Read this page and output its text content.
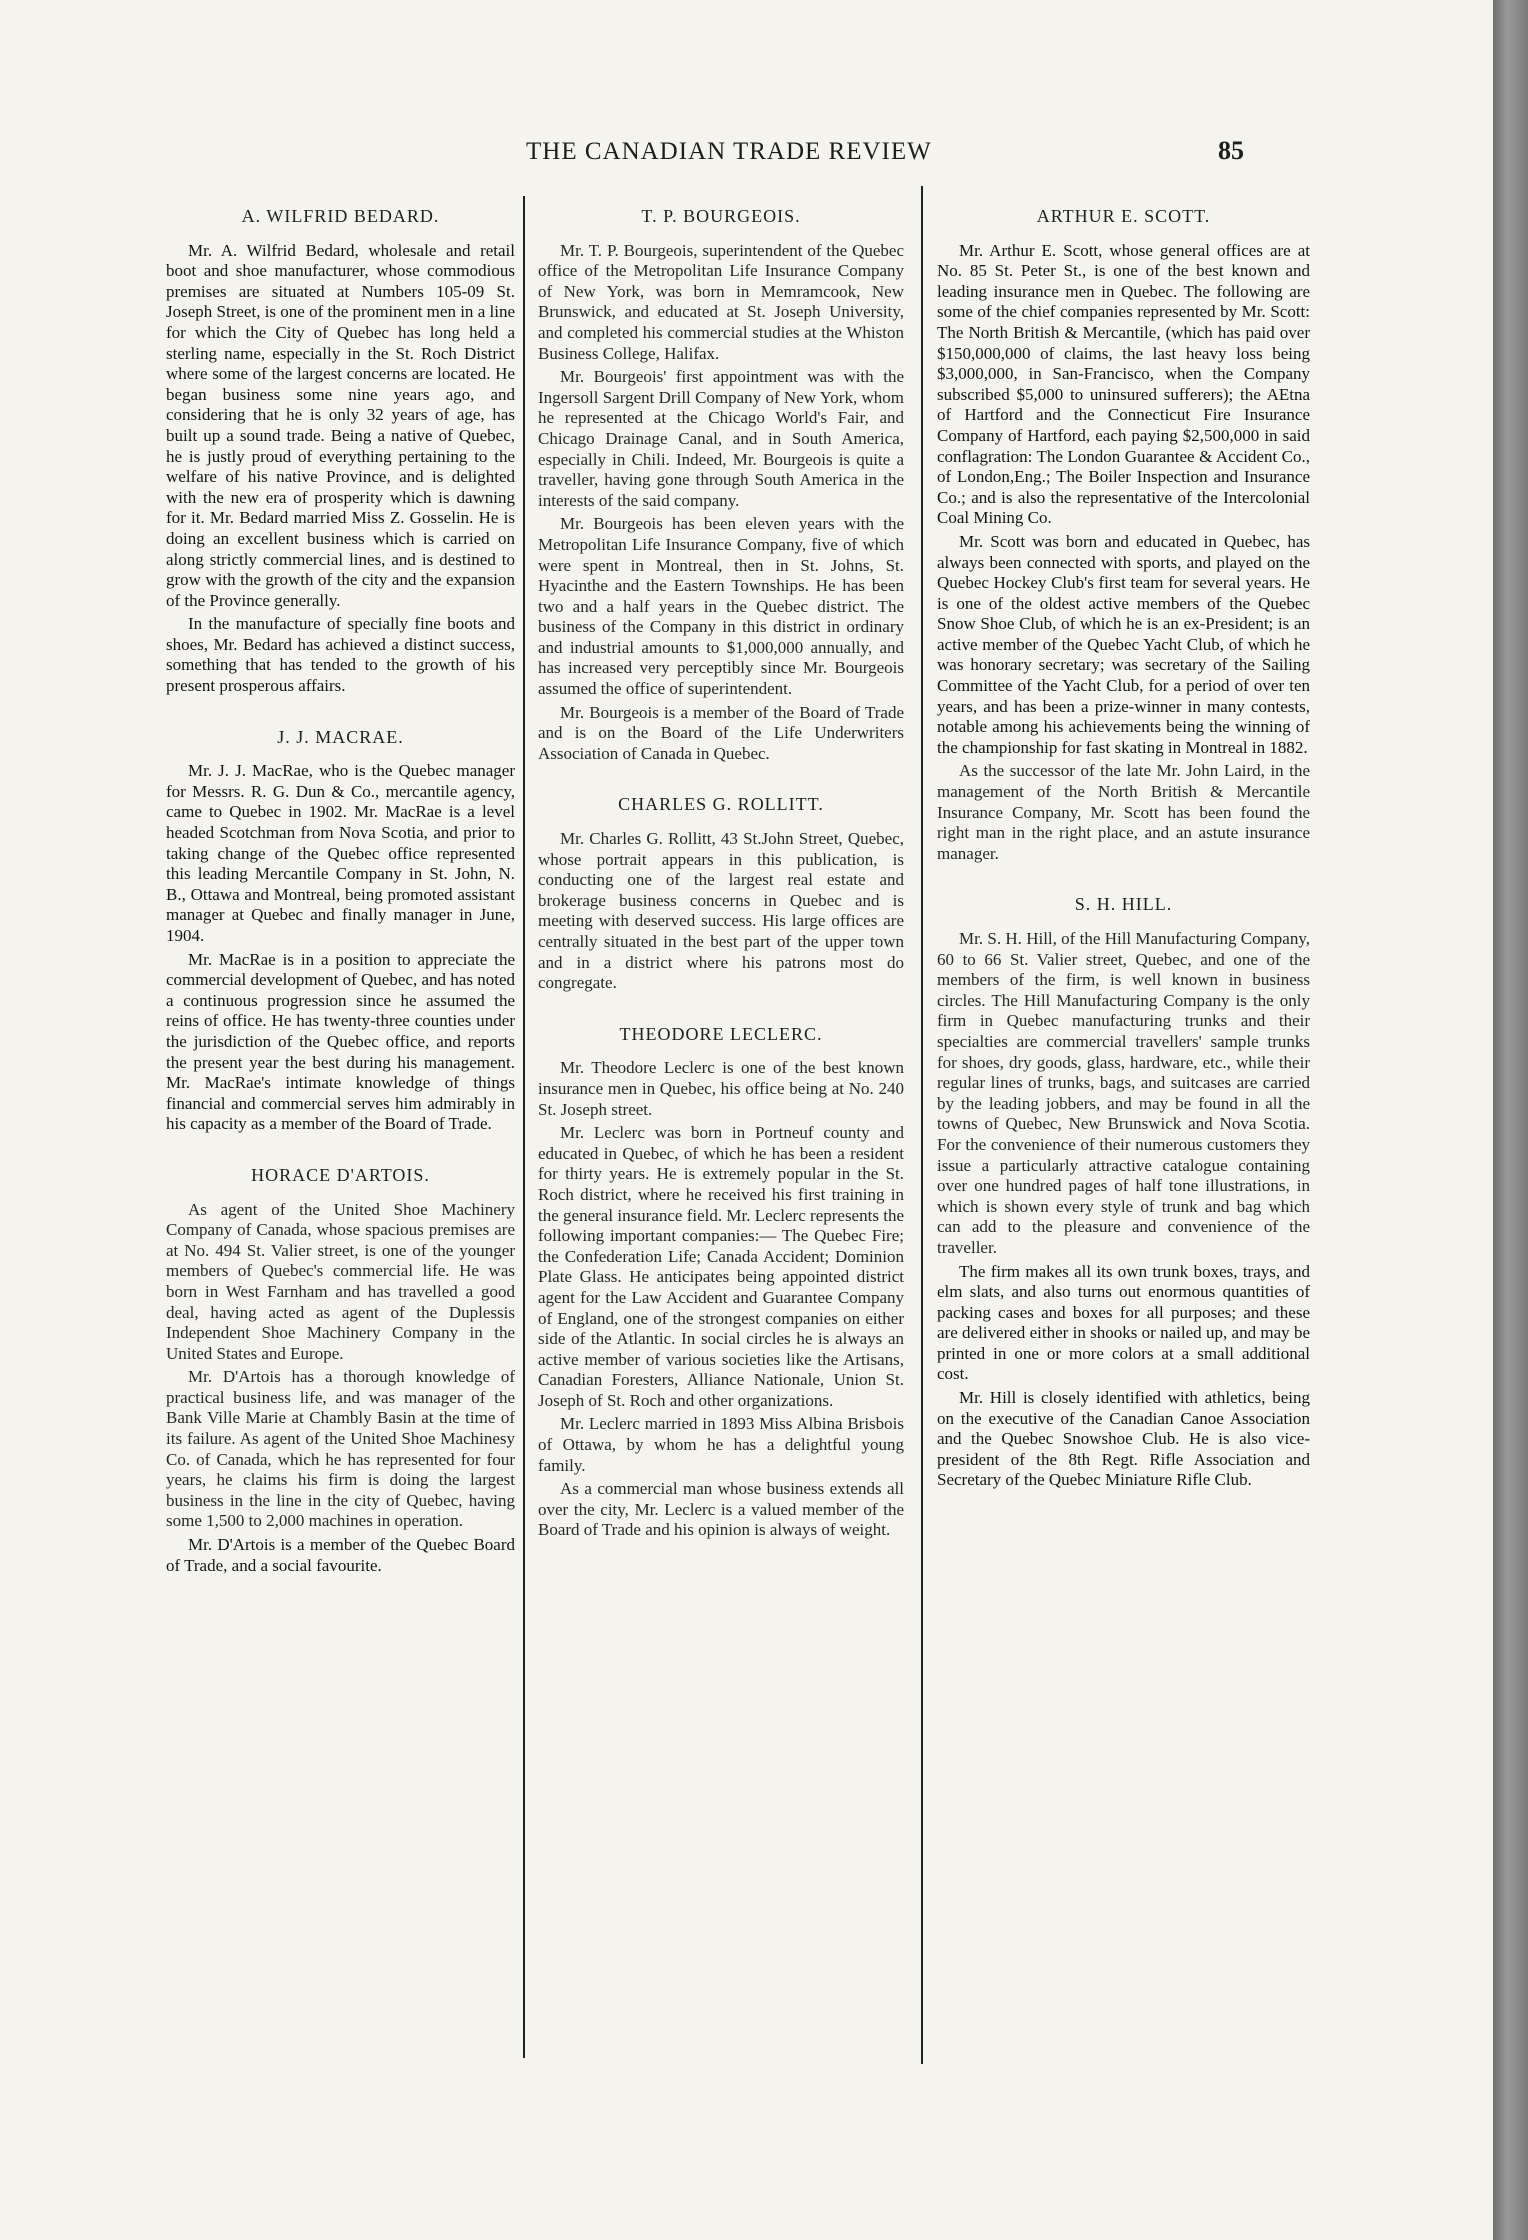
THE CANADIAN TRADE REVIEW	85
A. WILFRID BEDARD.

Mr. A. Wilfrid Bedard, wholesale and retail boot and shoe manufacturer, whose commodious premises are situated at Numbers 105-09 St. Joseph Street, is one of the prominent men in a line for which the City of Quebec has long held a sterling name, especially in the St. Roch District where some of the largest concerns are located. He began business some nine years ago, and considering that he is only 32 years of age, has built up a sound trade. Being a native of Quebec, he is justly proud of everything pertaining to the welfare of his native Province, and is delighted with the new era of prosperity which is dawning for it. Mr. Bedard married Miss Z. Gosselin. He is doing an excellent business which is carried on along strictly commercial lines, and is destined to grow with the growth of the city and the expansion of the Province generally.

In the manufacture of specially fine boots and shoes, Mr. Bedard has achieved a distinct success, something that has tended to the growth of his present prosperous affairs.

J. J. MACRAE.

Mr. J. J. MacRae, who is the Quebec manager for Messrs. R. G. Dun & Co., mercantile agency, came to Quebec in 1902. Mr. MacRae is a level headed Scotchman from Nova Scotia, and prior to taking change of the Quebec office represented this leading Mercantile Company in St. John, N. B., Ottawa and Montreal, being promoted assistant manager at Quebec and finally manager in June, 1904.

Mr. MacRae is in a position to appreciate the commercial development of Quebec, and has noted a continuous progression since he assumed the reins of office. He has twenty-three counties under the jurisdiction of the Quebec office, and reports the present year the best during his management. Mr. MacRae's intimate knowledge of things financial and commercial serves him admirably in his capacity as a member of the Board of Trade.

HORACE D'ARTOIS.

As agent of the United Shoe Machinery Company of Canada, whose spacious premises are at No. 494 St. Valier street, is one of the younger members of Quebec's commercial life. He was born in West Farnham and has travelled a good deal, having acted as agent of the Duplessis Independent Shoe Machinery Company in the United States and Europe.

Mr. D'Artois has a thorough knowledge of practical business life, and was manager of the Bank Ville Marie at Chambly Basin at the time of its failure. As agent of the United Shoe Machinesy Co. of Canada, which he has represented for four years, he claims his firm is doing the largest business in the line in the city of Quebec, having some 1,500 to 2,000 machines in operation.

Mr. D'Artois is a member of the Quebec Board of Trade, and a social favourite.

T. P. BOURGEOIS.

Mr. T. P. Bourgeois, superintendent of the Quebec office of the Metropolitan Life Insurance Company of New York, was born in Memramcook, New Brunswick, and educated at St. Joseph University, and completed his commercial studies at the Whiston Business College, Halifax.

Mr. Bourgeois' first appointment was with the Ingersoll Sargent Drill Company of New York, whom he represented at the Chicago World's Fair, and Chicago Drainage Canal, and in South America, especially in Chili. Indeed, Mr. Bourgeois is quite a traveller, having gone through South America in the interests of the said company.

Mr. Bourgeois has been eleven years with the Metropolitan Life Insurance Company, five of which were spent in Montreal, then in St. Johns, St. Hyacinthe and the Eastern Townships. He has been two and a half years in the Quebec district. The business of the Company in this district in ordinary and industrial amounts to $1,000,000 annually, and has increased very perceptibly since Mr. Bourgeois assumed the office of superintendent.

Mr. Bourgeois is a member of the Board of Trade and is on the Board of the Life Underwriters Association of Canada in Quebec.

CHARLES G. ROLLITT.

Mr. Charles G. Rollitt, 43 St.John Street, Quebec, whose portrait appears in this publication, is conducting one of the largest real estate and brokerage business concerns in Quebec and is meeting with deserved success. His large offices are centrally situated in the best part of the upper town and in a district where his patrons most do congregate.

THEODORE LECLERC.

Mr. Theodore Leclerc is one of the best known insurance men in Quebec, his office being at No. 240 St. Joseph street.

Mr. Leclerc was born in Portneuf county and educated in Quebec, of which he has been a resident for thirty years. He is extremely popular in the St. Roch district, where he received his first training in the general insurance field. Mr. Leclerc represents the following important companies:— The Quebec Fire; the Confederation Life; Canada Accident; Dominion Plate Glass. He anticipates being appointed district agent for the Law Accident and Guarantee Company of England, one of the strongest companies on either side of the Atlantic. In social circles he is always an active member of various societies like the Artisans, Canadian Foresters, Alliance Nationale, Union St. Joseph of St. Roch and other organizations.

Mr. Leclerc married in 1893 Miss Albina Brisbois of Ottawa, by whom he has a delightful young family.

As a commercial man whose business extends all over the city, Mr. Leclerc is a valued member of the Board of Trade and his opinion is always of weight.

ARTHUR E. SCOTT.

Mr. Arthur E. Scott, whose general offices are at No. 85 St. Peter St., is one of the best known and leading insurance men in Quebec. The following are some of the chief companies represented by Mr. Scott: The North British & Mercantile, (which has paid over $150,000,000 of claims, the last heavy loss being $3,000,000, in San-Francisco, when the Company subscribed $5,000 to uninsured sufferers); the AEtna of Hartford and the Connecticut Fire Insurance Company of Hartford, each paying $2,500,000 in said conflagration: The London Guarantee & Accident Co., of London,Eng.; The Boiler Inspection and Insurance Co.; and is also the representative of the Intercolonial Coal Mining Co.

Mr. Scott was born and educated in Quebec, has always been connected with sports, and played on the Quebec Hockey Club's first team for several years. He is one of the oldest active members of the Quebec Snow Shoe Club, of which he is an ex-President; is an active member of the Quebec Yacht Club, of which he was honorary secretary; was secretary of the Sailing Committee of the Yacht Club, for a period of over ten years, and has been a prize-winner in many contests, notable among his achievements being the winning of the championship for fast skating in Montreal in 1882.

As the successor of the late Mr. John Laird, in the management of the North British & Mercantile Insurance Company, Mr. Scott has been found the right man in the right place, and an astute insurance manager.

S. H. HILL.

Mr. S. H. Hill, of the Hill Manufacturing Company, 60 to 66 St. Valier street, Quebec, and one of the members of the firm, is well known in business circles. The Hill Manufacturing Company is the only firm in Quebec manufacturing trunks and their specialties are commercial travellers' sample trunks for shoes, dry goods, glass, hardware, etc., while their regular lines of trunks, bags, and suitcases are carried by the leading jobbers, and may be found in all the towns of Quebec, New Brunswick and Nova Scotia. For the convenience of their numerous customers they issue a particularly attractive catalogue containing over one hundred pages of half tone illustrations, in which is shown every style of trunk and bag which can add to the pleasure and convenience of the traveller.

The firm makes all its own trunk boxes, trays, and elm slats, and also turns out enormous quantities of packing cases and boxes for all purposes; and these are delivered either in shooks or nailed up, and may be printed in one or more colors at a small additional cost.

Mr. Hill is closely identified with athletics, being on the executive of the Canadian Canoe Association and the Quebec Snowshoe Club. He is also vice-president of the 8th Regt. Rifle Association and Secretary of the Quebec Miniature Rifle Club.
